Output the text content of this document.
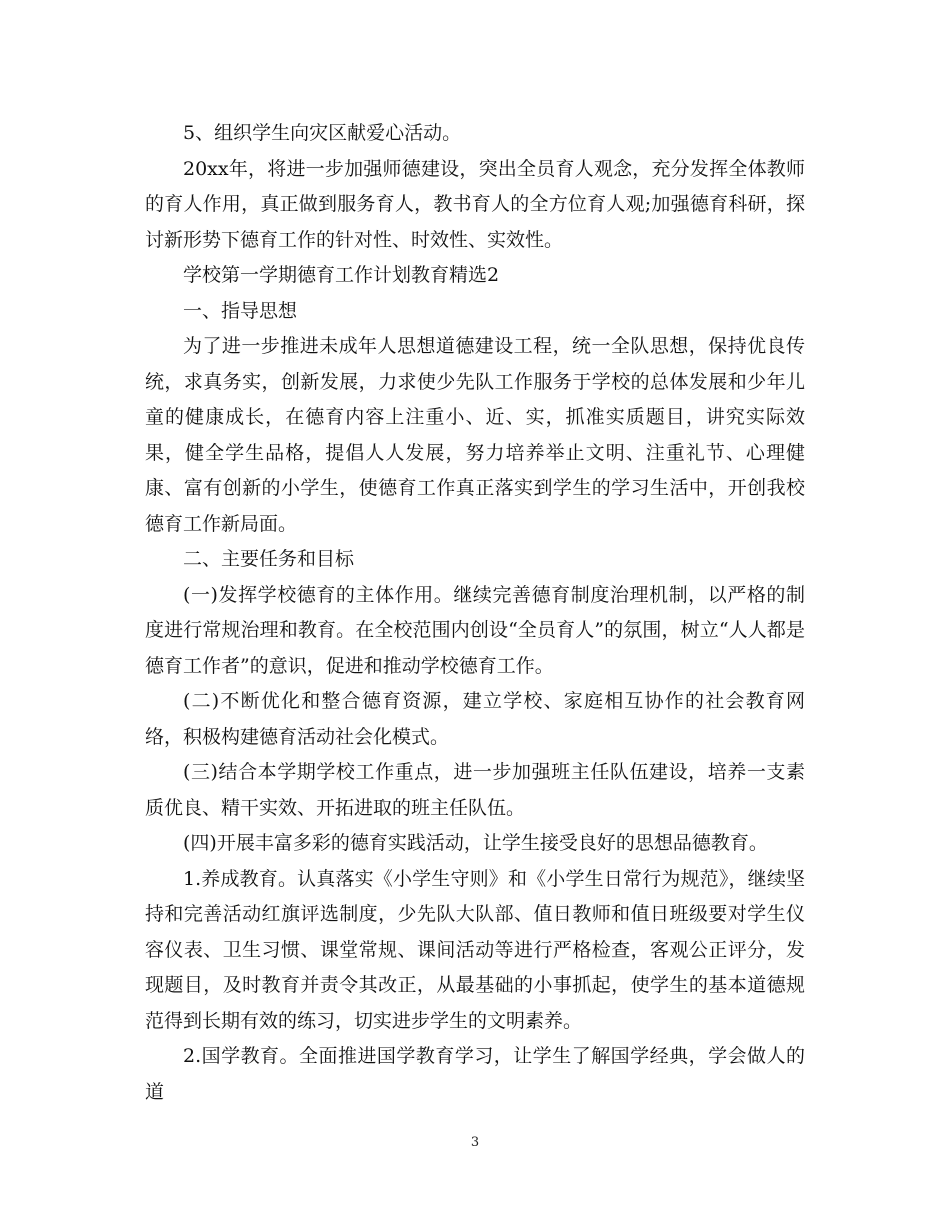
5、组织学生向灾区献爱心活动。

20xx年，将进一步加强师德建设，突出全员育人观念，充分发挥全体教师的育人作用，真正做到服务育人，教书育人的全方位育人观;加强德育科研，探讨新形势下德育工作的针对性、时效性、实效性。

学校第一学期德育工作计划教育精选2

一、指导思想

为了进一步推进未成年人思想道德建设工程，统一全队思想，保持优良传统，求真务实，创新发展，力求使少先队工作服务于学校的总体发展和少年儿童的健康成长，在德育内容上注重小、近、实，抓准实质题目，讲究实际效果，健全学生品格，提倡人人发展，努力培养举止文明、注重礼节、心理健康、富有创新的小学生，使德育工作真正落实到学生的学习生活中，开创我校德育工作新局面。

二、主要任务和目标

(一)发挥学校德育的主体作用。继续完善德育制度治理机制，以严格的制度进行常规治理和教育。在全校范围内创设“全员育人”的氛围，树立“人人都是德育工作者”的意识，促进和推动学校德育工作。

(二)不断优化和整合德育资源，建立学校、家庭相互协作的社会教育网络，积极构建德育活动社会化模式。

(三)结合本学期学校工作重点，进一步加强班主任队伍建设，培养一支素质优良、精干实效、开拓进取的班主任队伍。

(四)开展丰富多彩的德育实践活动，让学生接受良好的思想品德教育。

1.养成教育。认真落实《小学生守则》和《小学生日常行为规范》，继续坚持和完善活动红旗评选制度，少先队大队部、值日教师和值日班级要对学生仪容仪表、卫生习惯、课堂常规、课间活动等进行严格检查，客观公正评分，发现题目，及时教育并责令其改正，从最基础的小事抓起，使学生的基本道德规范得到长期有效的练习，切实进步学生的文明素养。

2.国学教育。全面推进国学教育学习，让学生了解国学经典，学会做人的道

3
